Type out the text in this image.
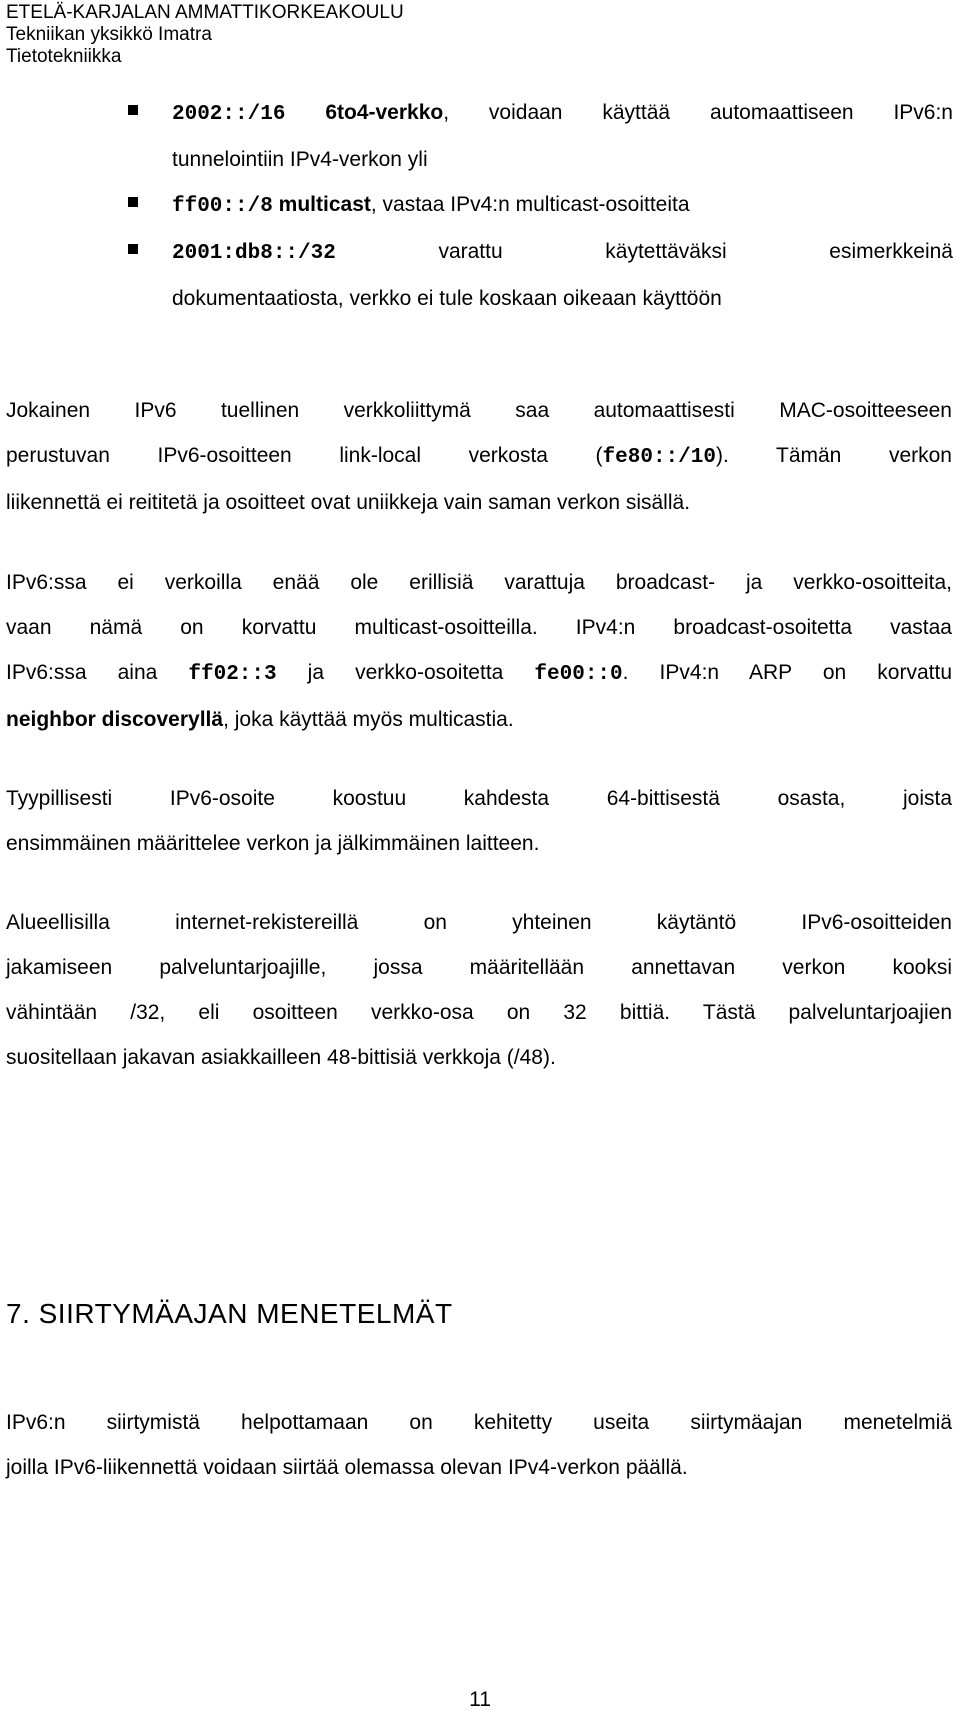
ETELÄ-KARJALAN AMMATTIKORKEAKOULU
Tekniikan yksikkö Imatra
Tietotekniikka
2002::/16 6to4-verkko, voidaan käyttää automaattiseen IPv6:n
tunnelointiin IPv4-verkon yli
ff00::/8 multicast, vastaa IPv4:n multicast-osoitteita
2001:db8::/32 varattu käytettäväksi esimerkkeinä
dokumentaatiosta, verkko ei tule koskaan oikeaan käyttöön
Jokainen IPv6 tuellinen verkkoliittymä saa automaattisesti MAC-osoitteeseen
perustuvan IPv6-osoitteen link-local verkosta (fe80::/10). Tämän verkon
liikennettä ei reititetä ja osoitteet ovat uniikkeja vain saman verkon sisällä.
IPv6:ssa ei verkoilla enää ole erillisiä varattuja broadcast- ja verkko-osoitteita,
vaan nämä on korvattu multicast-osoitteilla. IPv4:n broadcast-osoitetta vastaa
IPv6:ssa aina ff02::3 ja verkko-osoitetta fe00::0. IPv4:n ARP on korvattu
neighbor discoveryllä, joka käyttää myös multicastia.
Tyypillisesti IPv6-osoite koostuu kahdesta 64-bittisestä osasta, joista
ensimmäinen määrittelee verkon ja jälkimmäinen laitteen.
Alueellisilla internet-rekistereillä on yhteinen käytäntö IPv6-osoitteiden
jakamiseen palveluntarjoajille, jossa määritellään annettavan verkon kooksi
vähintään /32, eli osoitteen verkko-osa on 32 bittiä. Tästä palveluntarjoajien
suositellaan jakavan asiakkailleen 48-bittisiä verkkoja (/48).
7. SIIRTYMÄAJAN MENETELMÄT
IPv6:n siirtymistä helpottamaan on kehitetty useita siirtymäajan menetelmiä
joilla IPv6-liikennettä voidaan siirtää olemassa olevan IPv4-verkon päällä.
11
